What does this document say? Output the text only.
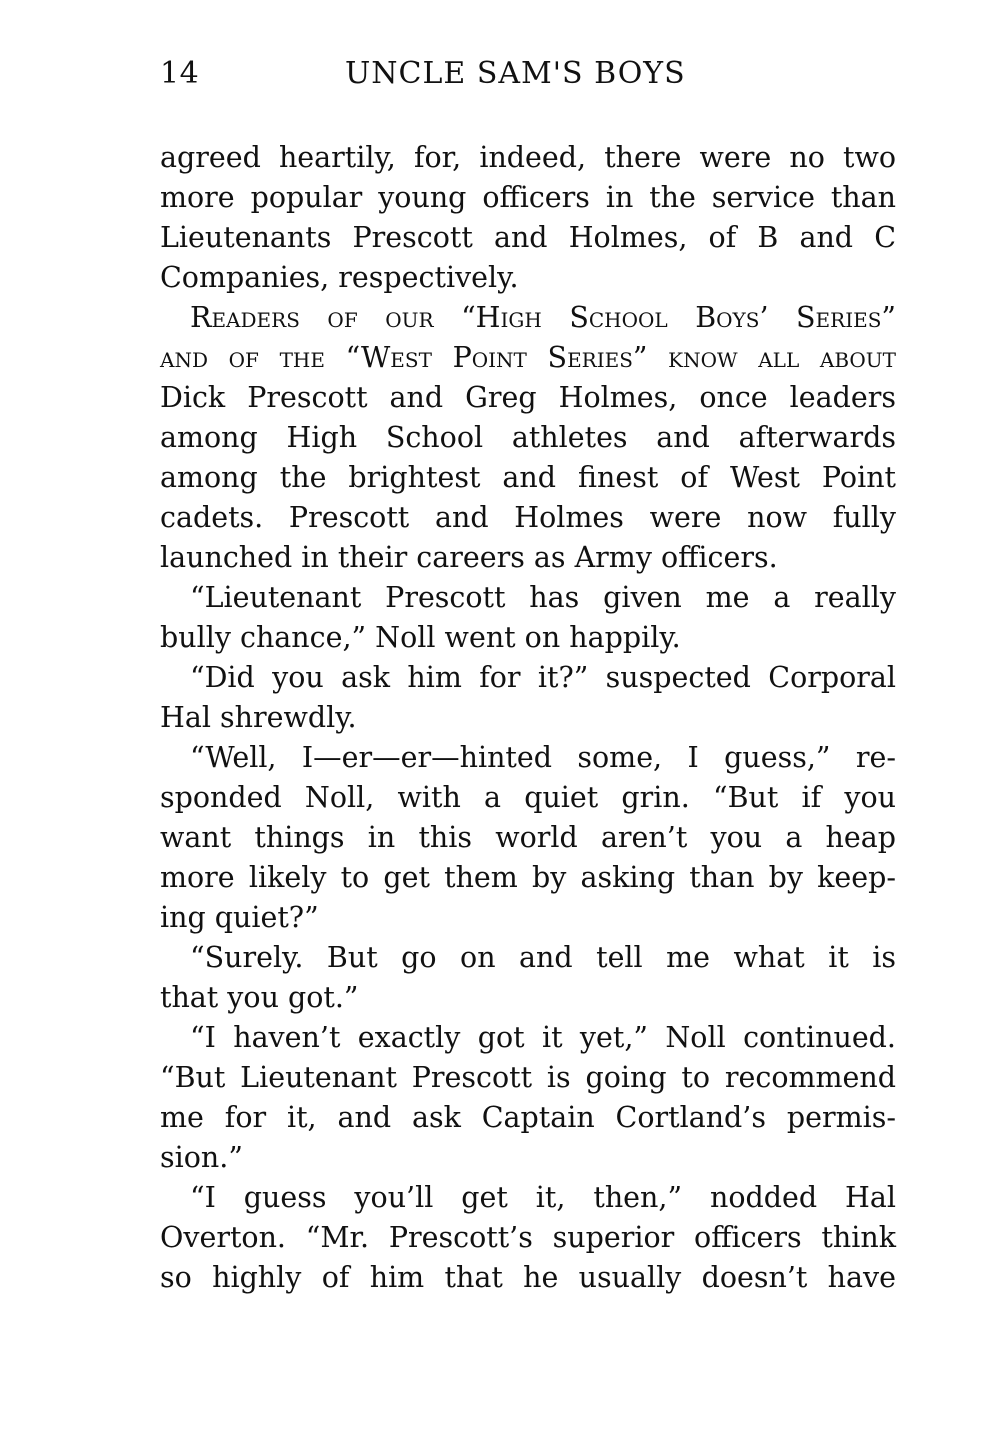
14	UNCLE SAM'S BOYS
agreed heartily, for, indeed, there were no two
more popular young officers in the service than
Lieutenants Prescott and Holmes, of B and C
Companies, respectively.
Readers of our “High School Boys’ Series”
and of the “West Point Series” know all about
Dick Prescott and Greg Holmes, once leaders
among High School athletes and afterwards
among the brightest and finest of West Point
cadets. Prescott and Holmes were now fully
launched in their careers as Army officers.
“Lieutenant Prescott has given me a really
bully chance,” Noll went on happily.
“Did you ask him for it?” suspected Corporal
Hal shrewdly.
“Well, I—er—er—hinted some, I guess,” re-
sponded Noll, with a quiet grin. “But if you
want things in this world aren’t you a heap
more likely to get them by asking than by keep-
ing quiet?”
“Surely. But go on and tell me what it is
that you got.”
“I haven’t exactly got it yet,” Noll continued.
“But Lieutenant Prescott is going to recommend
me for it, and ask Captain Cortland’s permis-
sion.”
“I guess you’ll get it, then,” nodded Hal
Overton. “Mr. Prescott’s superior officers think
so highly of him that he usually doesn’t have
